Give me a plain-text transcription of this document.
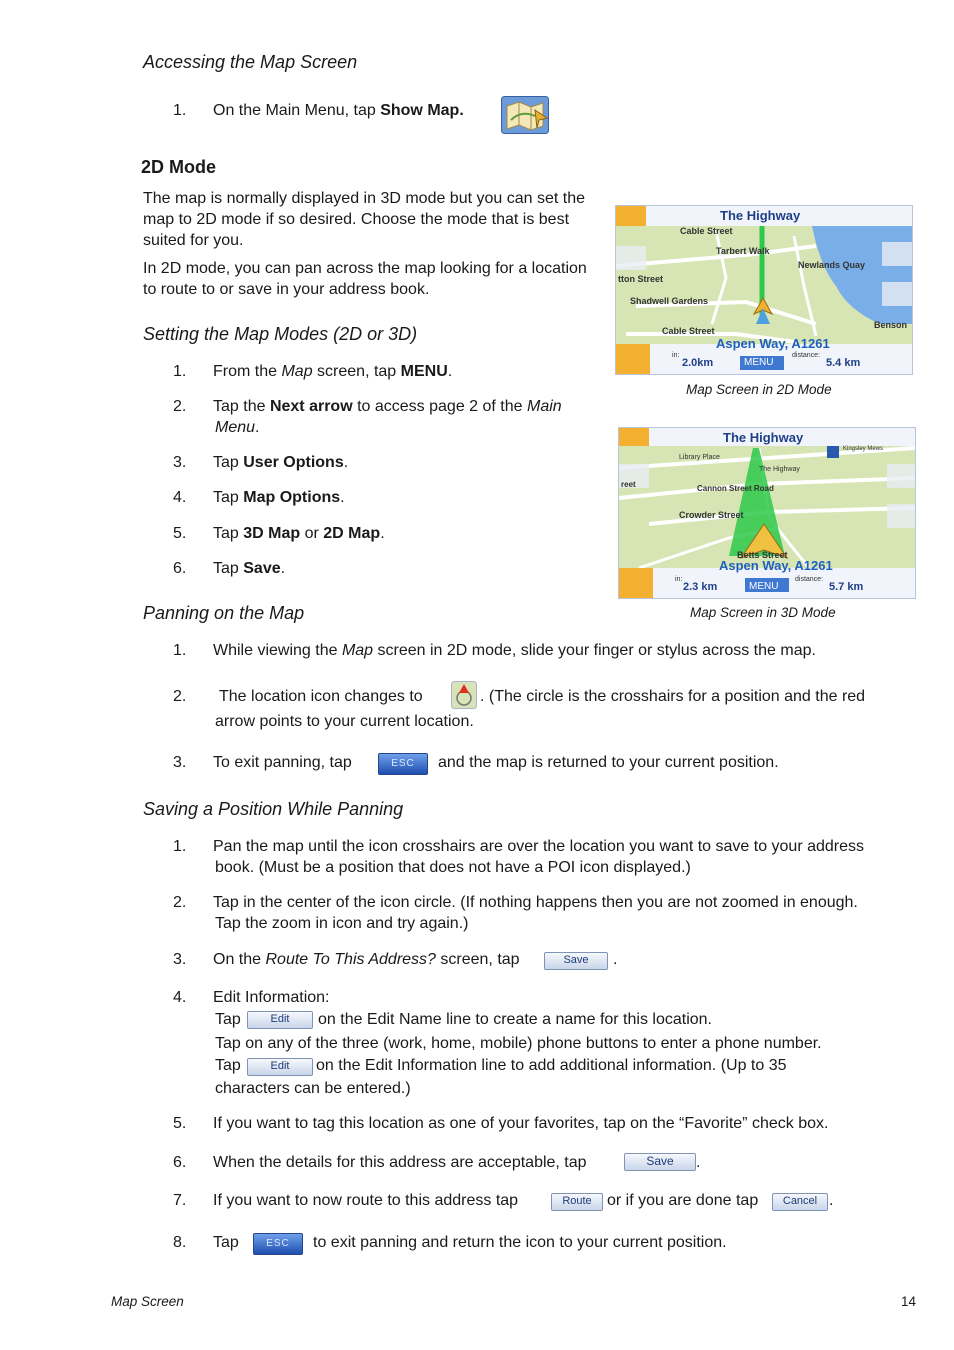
Accessing the Map Screen
1. On the Main Menu, tap Show Map.
2D Mode
The map is normally displayed in 3D mode but you can set the map to 2D mode if so desired. Choose the mode that is best suited for you.
In 2D mode, you can pan across the map looking for a location to route to or save in your address book.
The Highway
Cable Street
Tarbert Walk
Newlands Quay
tton Street
Shadwell Gardens
Cable Street
Benson
Aspen Way, A1261
in:
2.0km	MENU
distance:
5.4 km
Map Screen in 2D Mode
Setting the Map Modes (2D or 3D)
1. From the Map screen, tap MENU.
2. Tap the Next arrow to access page 2 of the Main
Menu.
3. Tap User Options.
4. Tap Map Options.
5. Tap 3D Map or 2D Map.
6. Tap Save.
The Highway
Library Place
The Highway
Cannon Street Road
reet
Crowder Street
Betts Street
Kingsley Mews
Aspen Way, A1261
in:
2.3 km	MENU
distance:
5.7 km
Map Screen in 3D Mode
Panning on the Map
1. While viewing the Map screen in 2D mode, slide your finger or stylus across the map.
2. The location icon changes to	. (The circle is the crosshairs for a position and the red
arrow points to your current location.
3. To exit panning, tap	ESC	and the map is returned to your current position.
Saving a Position While Panning
1. Pan the map until the icon crosshairs are over the location you want to save to your address
book. (Must be a position that does not have a POI icon displayed.)
2. Tap in the center of the icon circle. (If nothing happens then you are not zoomed in enough.
Tap the zoom in icon and try again.)
3. On the Route To This Address? screen, tap	Save	.
4. Edit Information:
Tap	Edit	on the Edit Name line to create a name for this location.
Tap on any of the three (work, home, mobile) phone buttons to enter a phone number.
Tap	Edit	on the Edit Information line to add additional information. (Up to 35
characters can be entered.)
5. If you want to tag this location as one of your favorites, tap on the “Favorite” check box.
6. When the details for this address are acceptable, tap	Save	.
7. If you want to now route to this address tap	Route or if you are done tap	Cancel .
8. Tap	ESC	to exit panning and return the icon to your current position.
Map Screen	14
